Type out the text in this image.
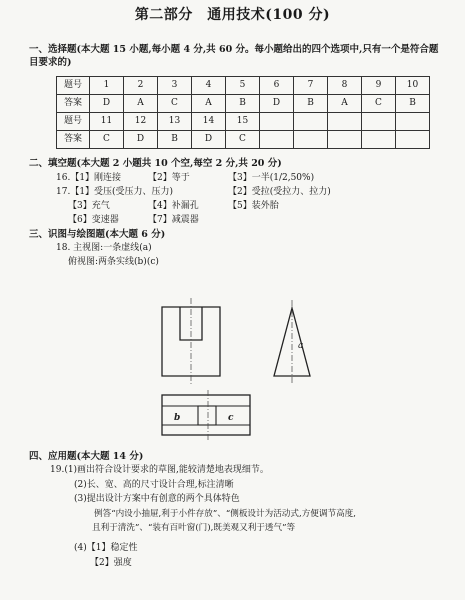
第二部分　通用技术(100 分)
一、选择题(本大题 15 小题,每小题 4 分,共 60 分。每小题给出的四个选项中,只有一个是符合题目要求的)
题号	1	2	3	4	5	6	7	8	9	10
答案	D	A	C	A	B	D	B	A	C	B
题号	11	12	13	14	15					
答案	C	D	B	D	C					
二、填空题(本大题 2 小题共 10 个空,每空 2 分,共 20 分)
16.【1】刚连接	【2】等于	【3】一半(1/2,50%)
17.【1】受压(受压力、压力)	【2】受拉(受拉力、拉力)
【3】充气	【4】补漏孔	【5】装外胎
【6】变速器	【7】减震器
三、识图与绘图题(本大题 6 分)
18. 主视图:一条虚线(a)
俯视图:两条实线(b)(c)
a
b	c
四、应用题(本大题 14 分)
19.(1)画出符合设计要求的草图,能较清楚地表现细节。
(2)长、宽、高的尺寸设计合理,标注清晰
(3)提出设计方案中有创意的两个具体特色
例答“内设小抽屉,利于小件存放”、“侧板设计为活动式,方便调节高度,
且利于清洗”、“装有百叶窗(门),既美观又利于透气”等
(4)【1】稳定性
【2】强度
